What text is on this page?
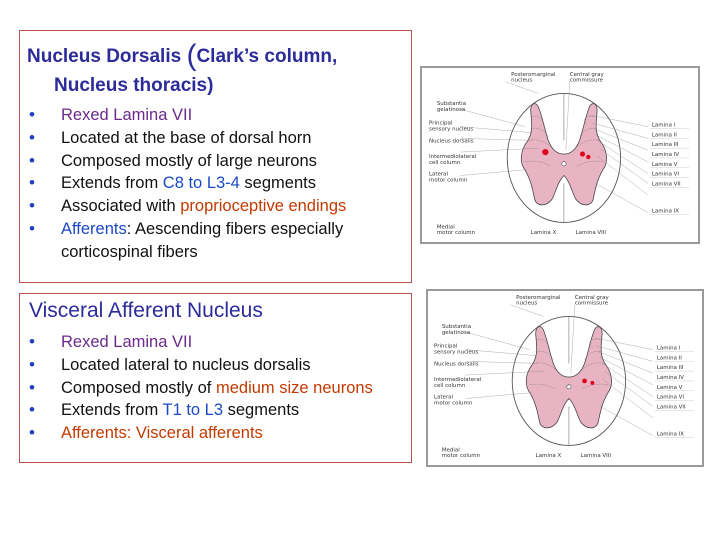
Nucleus Dorsalis (Clark’s column,
Nucleus thoracis)
• Rexed Lamina VII
• Located at the base of dorsal horn
• Composed mostly of large neurons
• Extends from C8 to L3-4 segments
• Associated with proprioceptive endings
• Afferents: Aescending fibers especially corticospinal fibers
Visceral Afferent Nucleus
• Rexed Lamina VII
• Located lateral to nucleus dorsalis
• Composed mostly of medium size neurons
• Extends from T1 to L3 segments
• Afferents: Visceral afferents
Posteromarginal
nucleus
Central gray
commissure
Substantia
gelatinosa
Principal
sensory nucleus
Nucleus dorsalis
Intermediolateral
cell column
Lateral
motor column
Medial
motor column	Lamina X	Lamina VIII
Lamina I
Lamina II
Lamina III
Lamina IV
Lamina V
Lamina VI
Lamina VII
Lamina IX
Posteromarginal
nucleus
Central gray
commissure
Substantia
gelatinosa
Principal
sensory nucleus
Nucleus dorsalis
Intermediolateral
cell column
Lateral
motor column
Medial
motor column	Lamina X	Lamina VIII
Lamina I
Lamina II
Lamina III
Lamina IV
Lamina V
Lamina VI
Lamina VII
Lamina IX
